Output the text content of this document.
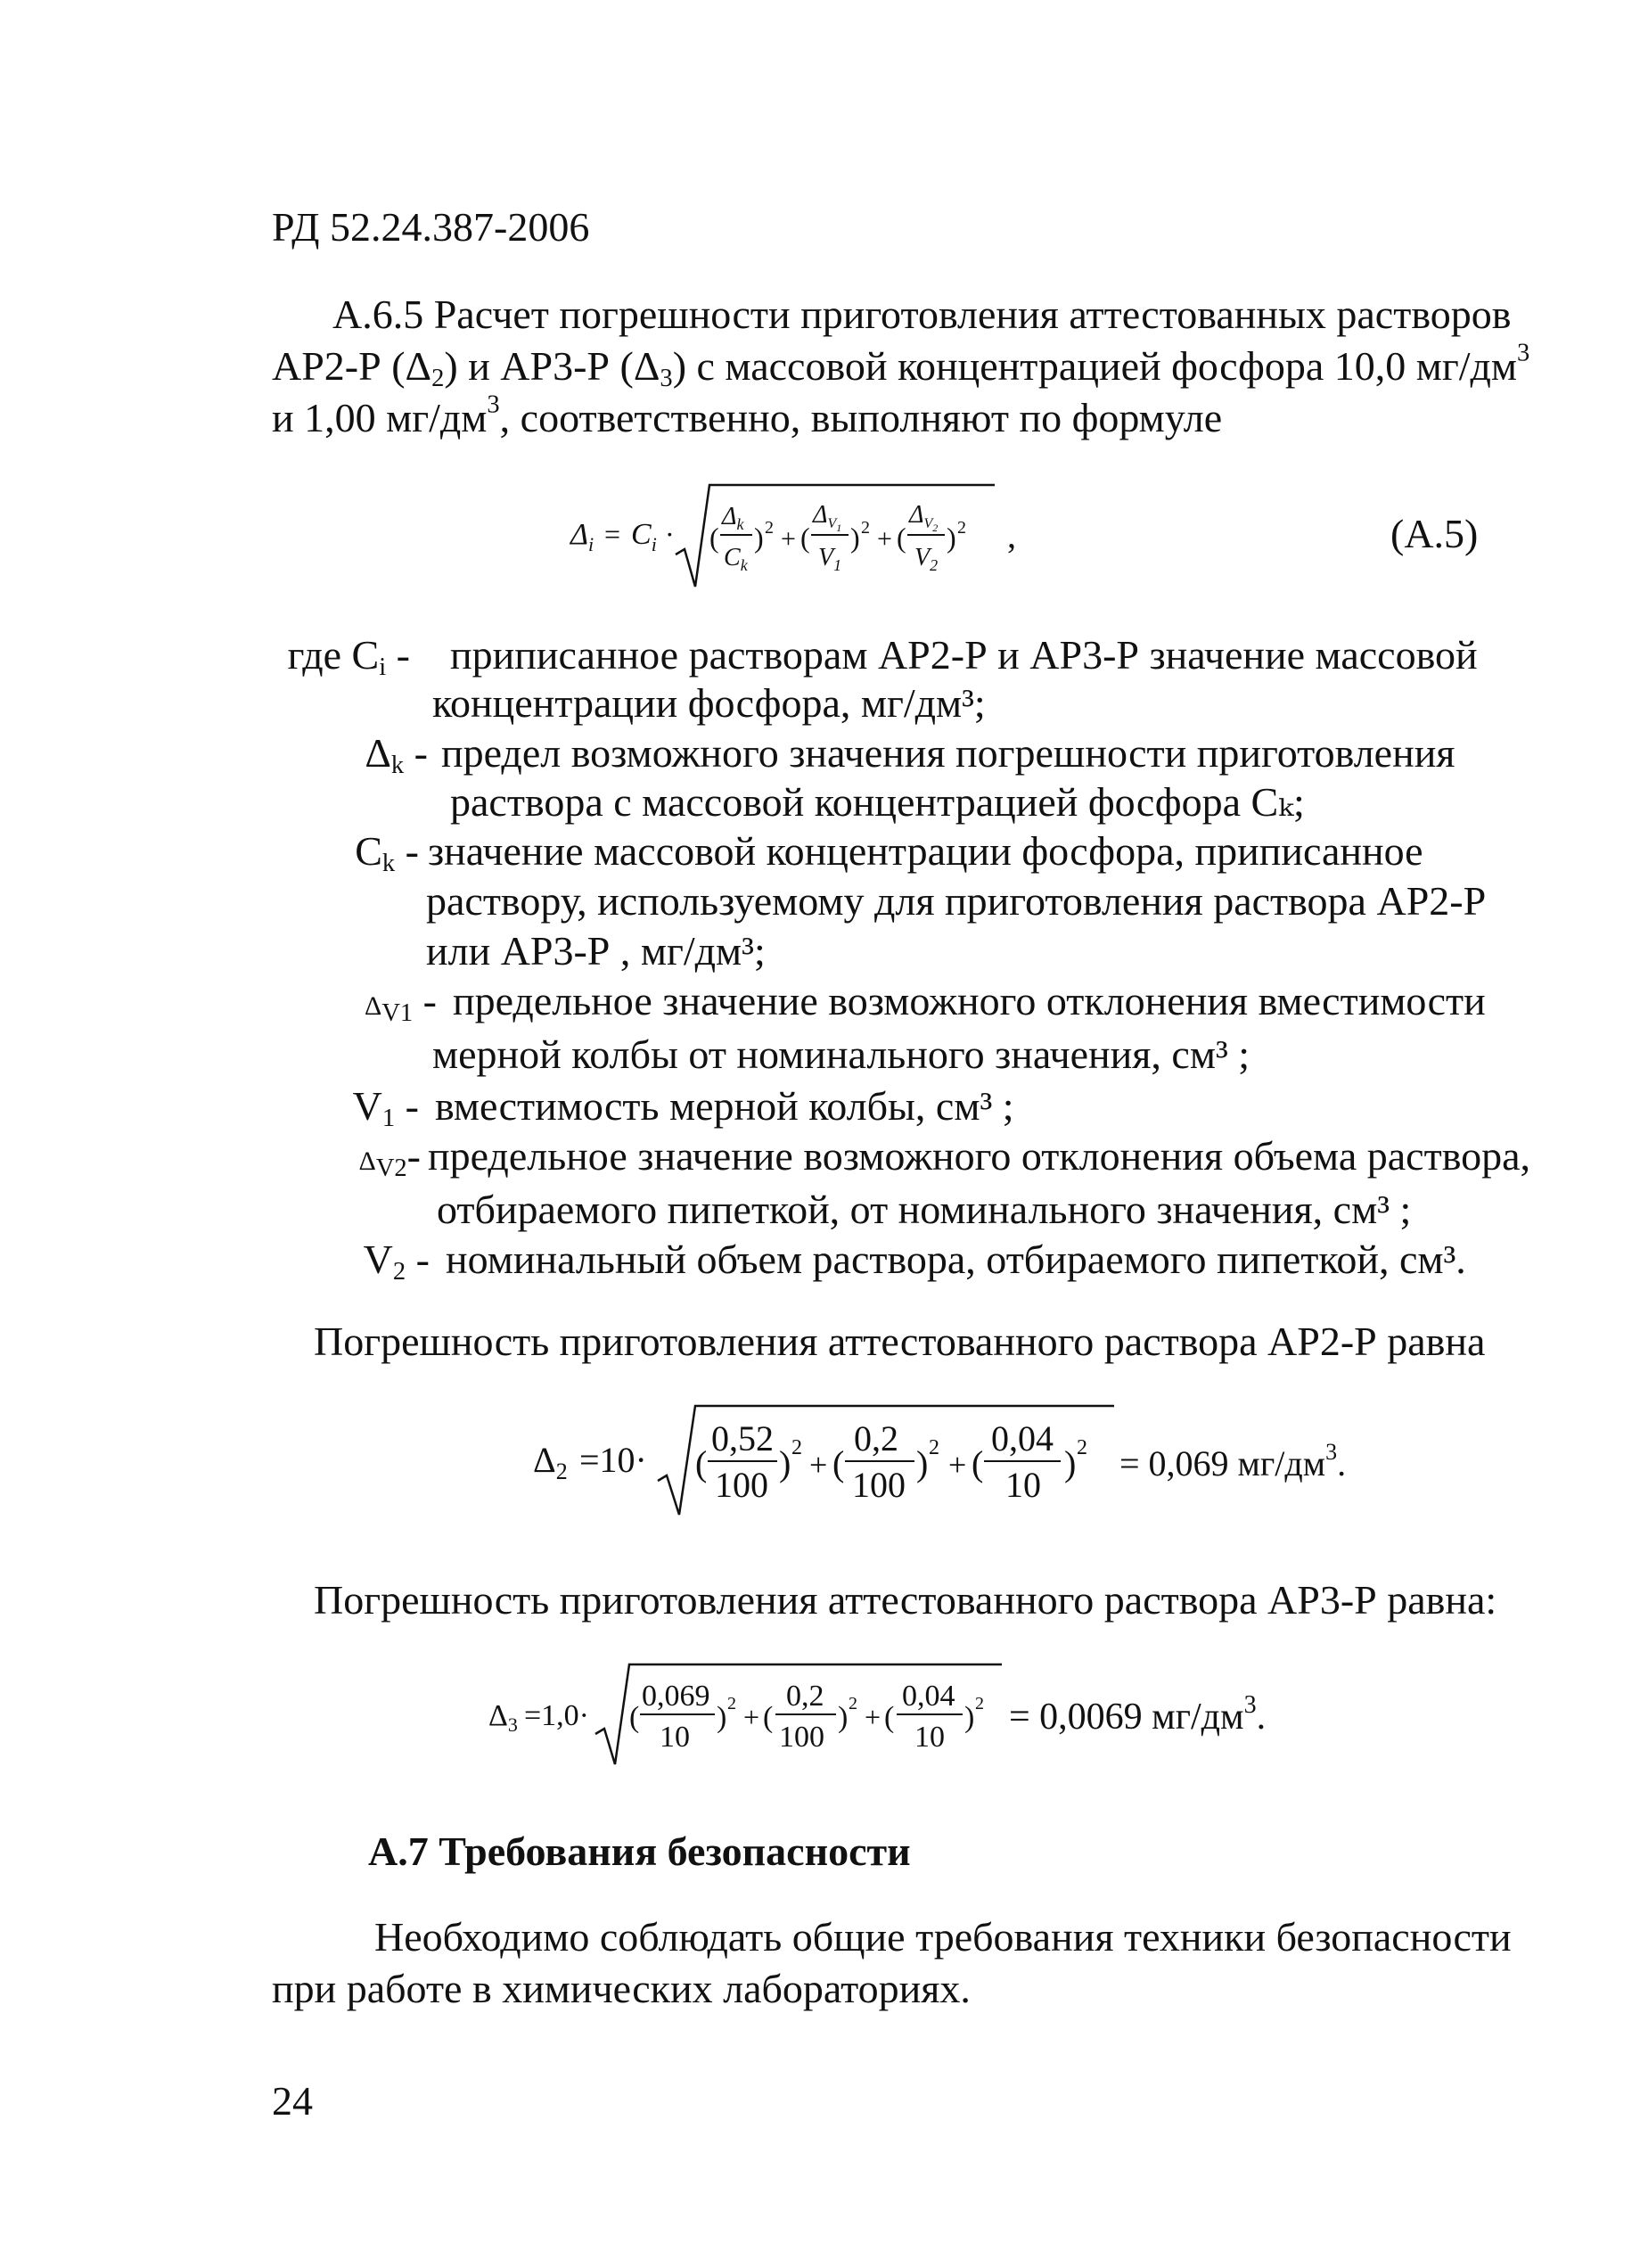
РД 52.24.387-2006
А.6.5 Расчет погрешности приготовления аттестованных растворов
АР2-Р $(\Delta_2)$ и АР3-Р $(\Delta_3)$ с массовой концентрацией фосфора 10,0 $мг/дм^3$
и 1,00 $мг/дм^3$, соответственно, выполняют по формуле
$\Delta_i = C_i$ · (
$\Delta_k$
$C_k$
) 2 + (
$\Delta_V1$
$V_1$
) 2 + (
$\Delta_V2$
$V_2$
) 2 ,	(А.5)
где $C_i$ - приписанное растворам АР2-Р и АР3-Р значение массовой
концентрации фосфора, мг/дм³;
$\Delta_k$ - предел возможного значения погрешности приготовления
раствора с массовой концентрацией фосфора Cₖ;
$C_k$ - значение массовой концентрации фосфора, приписанное
раствору, используемому для приготовления раствора АР2-Р
или АР3-Р , мг/дм³;
$\Delta_{V1}$ - предельное значение возможного отклонения вместимости
мерной колбы от номинального значения, см³ ;
$V_1$ - вместимость мерной колбы, см³ ;
$\Delta_{V2}-$ предельное значение возможного отклонения объема раствора,
отбираемого пипеткой, от номинального значения, см³ ;
$V_2$ - номинальный объем раствора, отбираемого пипеткой, см³.
Погрешность приготовления аттестованного раствора АР2-Р равна
$\Delta_2 =10\cdot$ (
0,52
100
) 2 + (
0,2
100
) 2 + (
0,04
10
) 2 = 0,069 $мг/дм^3$.
Погрешность приготовления аттестованного раствора АР3-Р равна:
$\Delta_3 =1,0\cdot$ (
0,069
10
) 2 + (
0,2
100
) 2 + (
0,04
10
) 2 = 0,0069 $мг/дм^3$.
А.7 Требования безопасности
Необходимо соблюдать общие требования техники безопасности
при работе в химических лабораториях.
24
